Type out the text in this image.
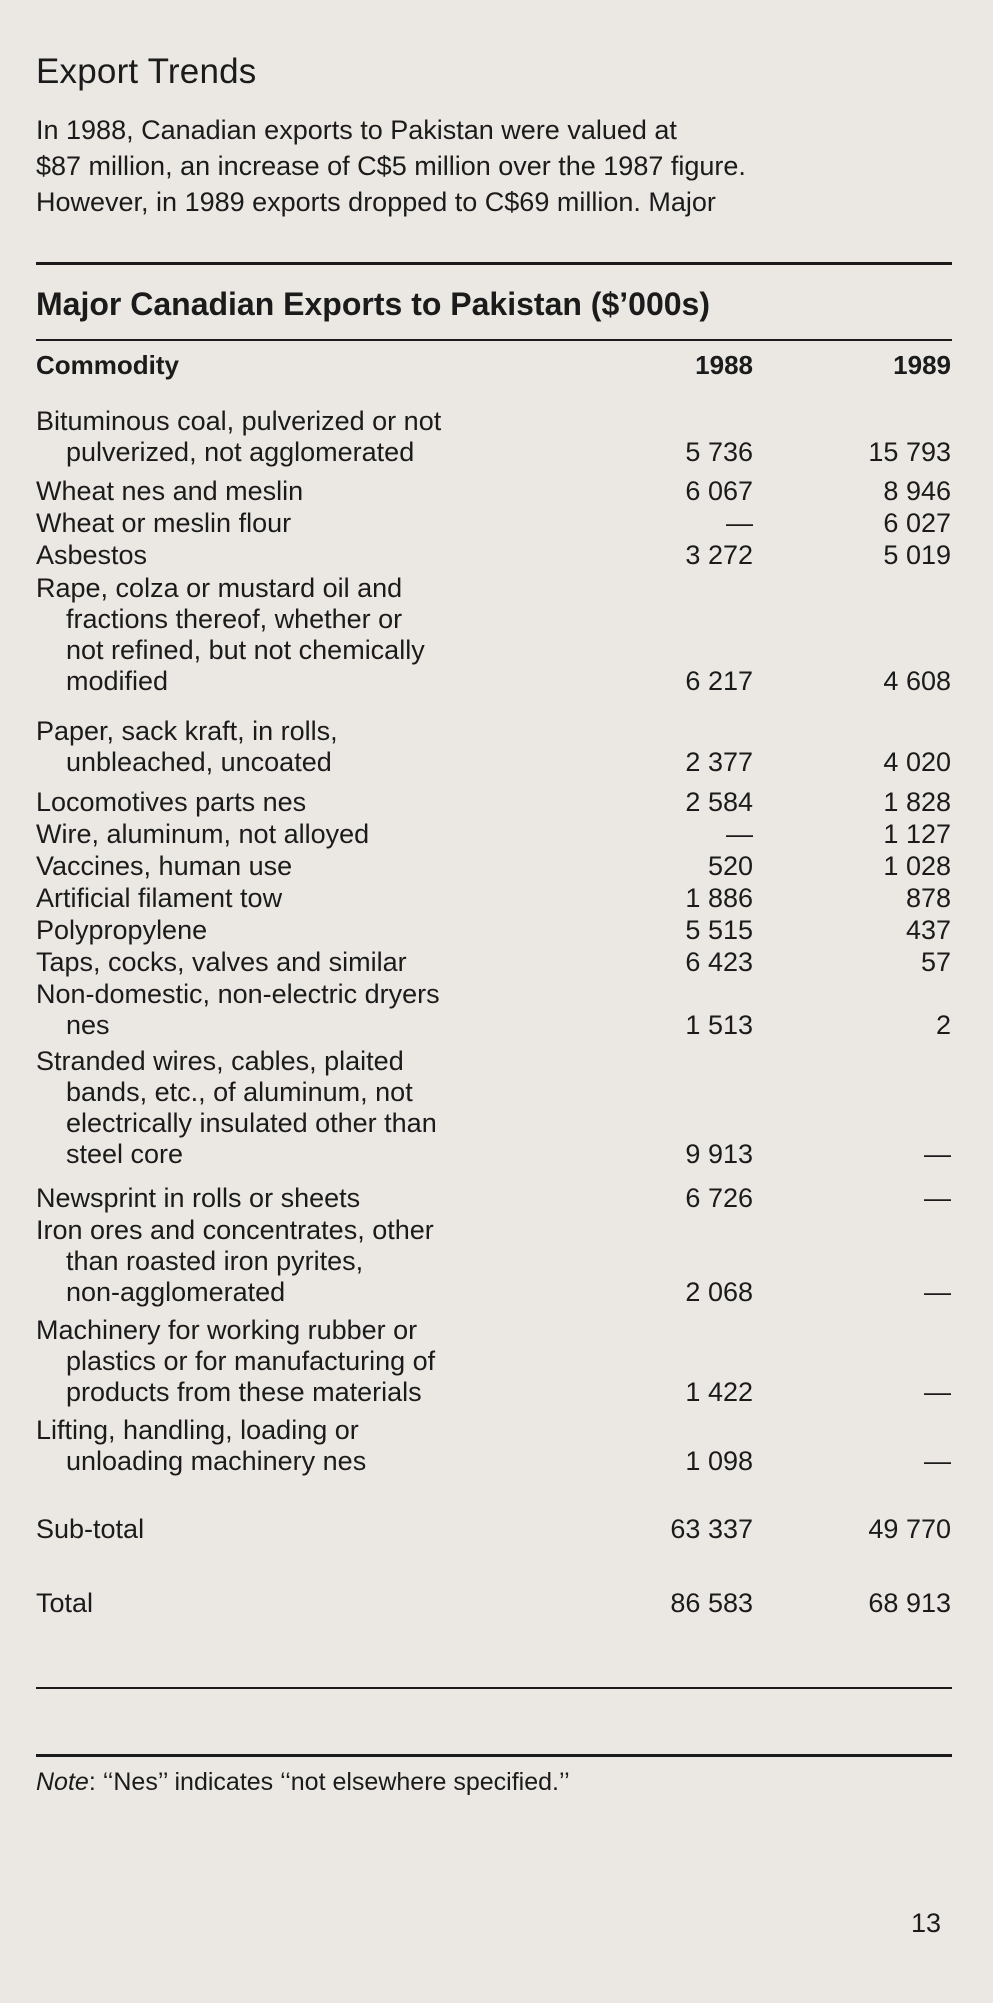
Export Trends

In 1988, Canadian exports to Pakistan were valued at
$87 million, an increase of C$5 million over the 1987 figure.
However, in 1989 exports dropped to C$69 million. Major

Major Canadian Exports to Pakistan ($’000s)
Commodity	1988	1989
Bituminous coal, pulverized or not
pulverized, not agglomerated	5 736	15 793
Wheat nes and meslin	6 067	8 946
Wheat or meslin flour	—	6 027
Asbestos	3 272	5 019
Rape, colza or mustard oil and
fractions thereof, whether or
not refined, but not chemically
modified	6 217	4 608
Paper, sack kraft, in rolls,
unbleached, uncoated	2 377	4 020
Locomotives parts nes	2 584	1 828
Wire, aluminum, not alloyed	—	1 127
Vaccines, human use	520	1 028
Artificial filament tow	1 886	878
Polypropylene	5 515	437
Taps, cocks, valves and similar	6 423	57
Non-domestic, non-electric dryers
nes	1 513	2
Stranded wires, cables, plaited
bands, etc., of aluminum, not
electrically insulated other than
steel core	9 913	—
Newsprint in rolls or sheets	6 726	—
Iron ores and concentrates, other
than roasted iron pyrites,
non-agglomerated	2 068	—
Machinery for working rubber or
plastics or for manufacturing of
products from these materials	1 422	—
Lifting, handling, loading or
unloading machinery nes	1 098	—
Sub-total	63 337	49 770
Total	86 583	68 913
Note: ‘‘Nes’’ indicates ‘‘not elsewhere specified.’’
13
